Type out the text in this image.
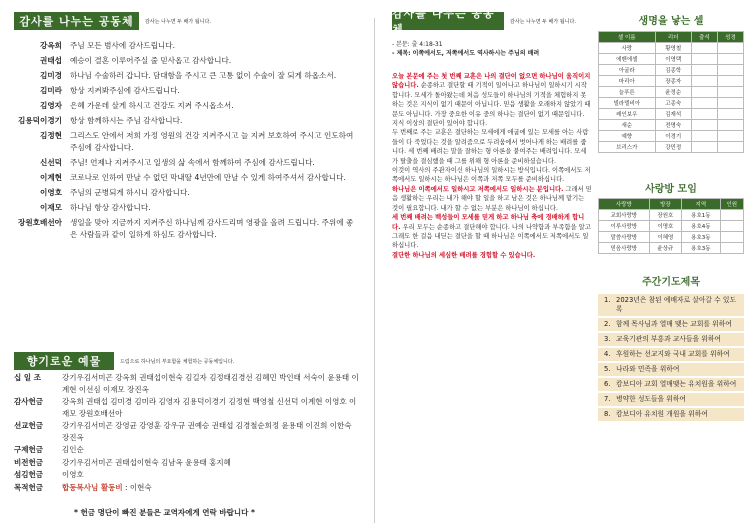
감사를 나누는 공동체	감사는 나누면 두 배가 됩니다.
강옥희	주님 모든 범사에 감사드립니다.
권태섭	예승이 결혼 이루어주실 줄 믿사옵고 감사합니다.
김미경	하나님 수술하러 갑니다. 담대함을 주시고 큰 고통 없이 수술이 잘 되게 하옵소서.
김미라	항상 지켜봐주심에 감사드립니다.
김영자	은혜 가운데 살게 하시고 건강도 지켜 주시옵소서.
김용덕이경기	항상 함께하시는 주님 감사합니다.
김정현	그리스도 안에서 저희 가정 영원의 건강 지켜주시고 늘 지켜 보호하여 주시고 인도하여 주심에 감사합니다.
신선덕	주님! 언제나 지켜주시고 일생의 삶 속에서 함께하여 주심에 감사드립니다.
이계현	코로나로 인하여 만날 수 없던 막내딸 4년만에 만날 수 있게 하여주셔서 감사합니다.
이영호	주님의 군병되게 하시니 감사합니다.
이재모	하나님 항상 감사합니다.
장원호배선아	생일을 맞아 지금까지 지켜주신 하나님께 감사드리며 영광을 올려 드립니다. 주위에 좋은 사람들과 같이 일하게 하심도 감사합니다.
향기로운 예물	드림으로 하나님의 부요함을 체험하는 공동체입니다.
십 일 조	강기우김서미곤 강옥희 권태섭이현숙 김길자 김정태김경선 김혜민 박인태 서숙이 윤용태 이계현 이선심 이재모 장진옥
감사헌금	강옥희 권태섭 김미경 김미라 김영자 김용덕이경기 김정현 백영철 신선덕 이계현 이영호 이재모 장원호배선아
선교헌금	강기우김서미곤 강영균 강영훈 강우규 권예승 권태섭 김경철순희정 윤용태 이진희 이한숙 장진옥
구제헌금	김인순
비전헌금	강기우김서미곤 권태섭이현숙 김남옥 윤용태 홍지혜
섬김헌금	이영호
목적헌금	합동목사님 활동비 : 이현숙
* 헌금 명단이 빠진 분들은 교역자에게 연락 바랍니다 *
감사를 나누는 공동체
감사는 나누면 두 배가 됩니다.
- 본문: 출 4:18-31
- 제목: 이쪽에서도, 저쪽에서도 역사하시는 주님의 배려
오늘 본문에 주는 첫 번째 교훈은 나의 결단이 없으면 하나님이 움직이지 않습니다. 순종하고 결단할 때 기적이 일어나고 하나님이 일하시기 시작합니다. 모세가 돌아왔는데 처음 성도들이 하나님의 기적을 체험하지 못하는 것은 지식이 없기 때문이 아닙니다. 믿음 생활을 오래하지 않았기 때문도 아닙니다. 가장 중요한 이유 중의 하나는 결단이 없기 때문입니다. 지식 이상의 결단이 있어야 합니다.
두 번째로 주는 교훈은 결단하는 모세에게 애굽에 있는 모세를 아는 사람들이 다 죽었다는 것을 알려줌으로 두려움에서 벗어나게 하는 배려를 줍니다. 세 번째 배려는 말을 잘하는 형 아론을 붙여주는 배려입니다. 모세가 탈출을 결심했을 때 그를 위해 형 아론을 준비하셨습니다.
이것이 역사의 주관자이신 하나님의 일하시는 방식입니다. 이쪽에서도 저쪽에서도 일하시는 하나님은 이쪽과 저쪽 모두를 준비하십니다.
하나님은 이쪽에서도 일하시고 저쪽에서도 일하시는 분입니다. 그래서 믿음 생활하는 우리는 내가 해야 할 일을 하고 남은 것은 하나님께 맡기는 것이 필요합니다. 내가 할 수 없는 부분은 하나님이 하십니다.
세 번째 배려는 백성들이 모세를 믿게 하고 하나님 축에 경배하게 합니다. 우리 모두는 순종하고 결단해야 합니다. 나의 나약함과 부족함을 알고 그래도 한 걸음 내딛는 결단을 할 때 하나님은 이쪽에서도 저쪽에서도 일하십니다.
결단한 하나님의 세심한 배려를 경험할 수 있습니다.
생명을 낳는 셀
셀 이름	리더	출석	성경
사랑	황영철		
에벤에셀	이영택		
아굴라	김종학		
마리아	장종자		
늘푸른	윤정순		
빌라델비아	고종숙		
레인보우	김재석		
새순	전명숙		
예향	이경기		
브리스가	강민정		
사랑방 모임
사랑방	방장	지역	인원
교회사랑방	장원호	용호1동	
이루사랑방	이명호	용호4동	
말씀사랑방	이혜영	용호3동	
믿음사랑방	윤상규	용호3동	
주간기도제목
1. 2023년은 참된 예배자로 살아갈 수 있도록
2. 함께 목사님과 열매 맺는 교회를 위하여
3. 교육기관의 부흥과 교사들을 위하여
4. 후원하는 선교지와 국내 교회를 위하여
5. 나라와 민족을 위하여
6. 캄보디아 교회 열매맺는 유치원을 위하여
7. 병약한 성도들을 위하여
8. 캄보디아 유치원 개원을 위하여
